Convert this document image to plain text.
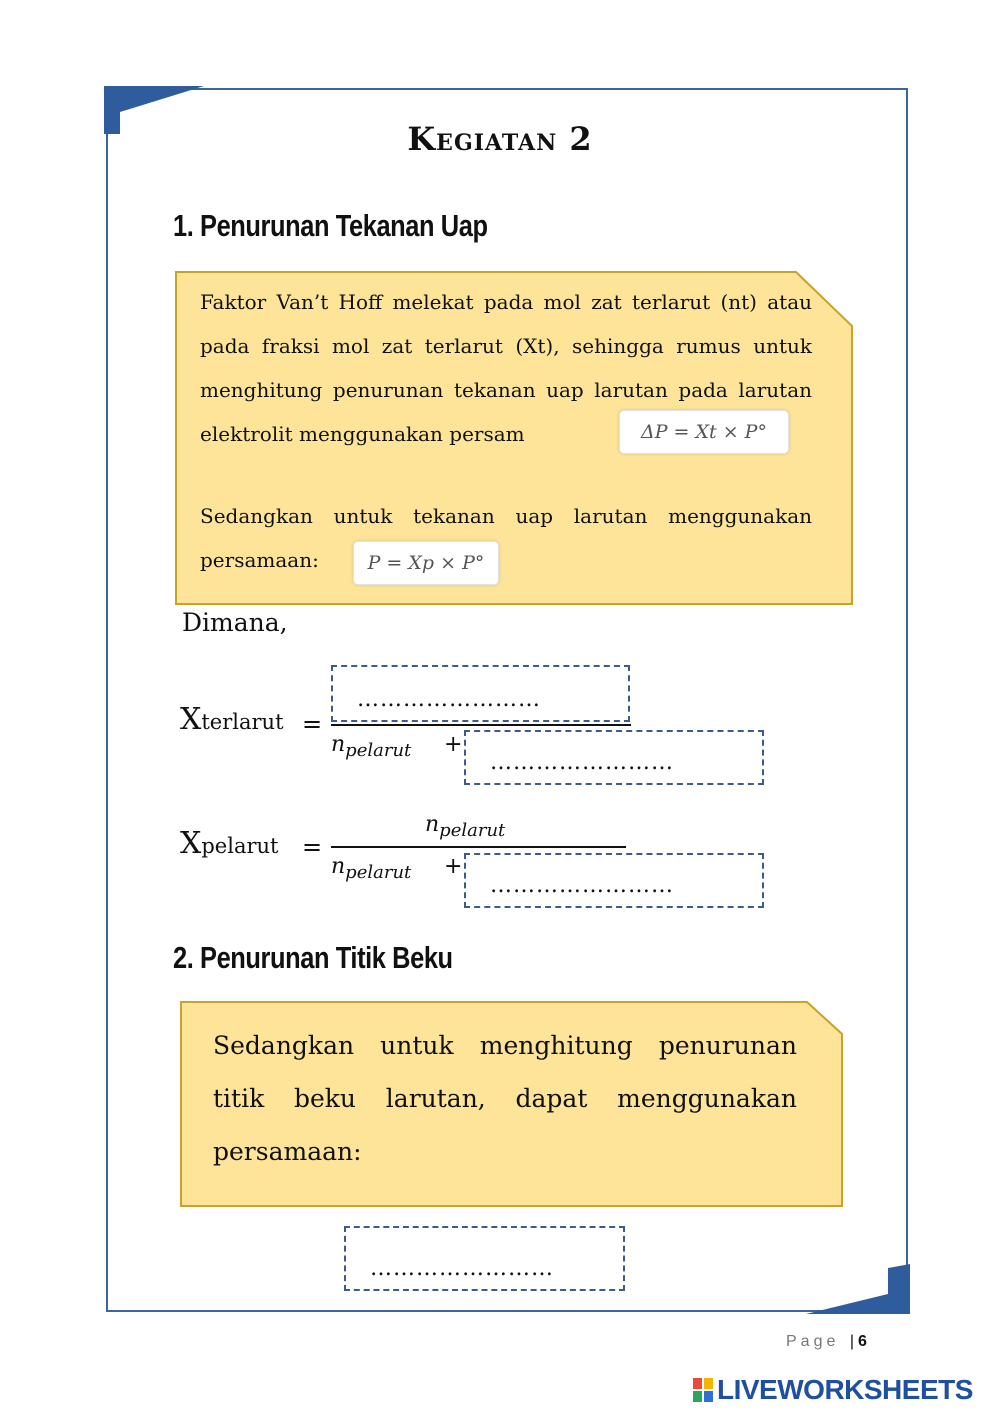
Kegiatan 2
1. Penurunan Tekanan Uap
Faktor Van’t Hoff melekat pada mol zat terlarut (nt) atau pada fraksi mol zat terlarut (Xt), sehingga rumus untuk menghitung penurunan tekanan uap larutan pada larutan elektrolit menggunakan persam	ΔP = Xt × P°
Sedangkan untuk tekanan uap larutan menggunakan persamaan:	P = Xp × P°
Dimana,
Xterlarut =
……………………
$n_{pelarut}$ +
……………………
Xpelarut =
$n_{pelarut}$
$n_{pelarut}$ +
……………………
2. Penurunan Titik Beku
Sedangkan untuk menghitung penurunan titik beku larutan, dapat menggunakan persamaan:
……………………
Page | 6
LIVEWORKSHEETS
